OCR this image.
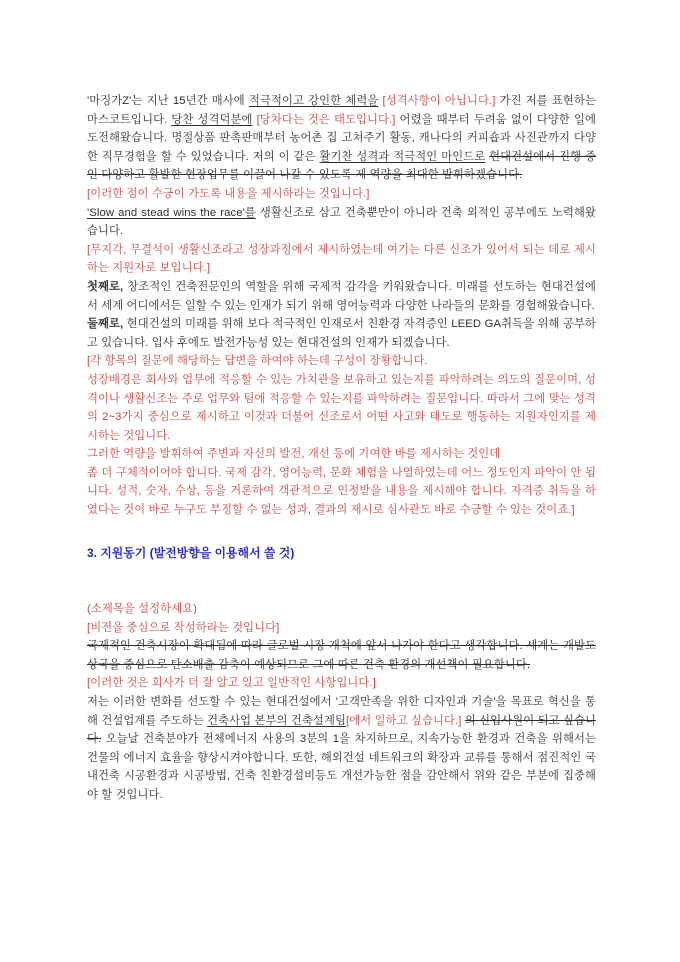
'마징가Z'는 지난 15년간 매사에 적극적이고 강인한 체력을 [성격사항이 아닙니다.] 가진 저를 표현하는 마스코트입니다. 당찬 성격덕분에 [당차다는 것은 태도입니다.] 어렸을 때부터 두려움 없이 다양한 일에 도전해왔습니다. 명절상품 판촉판매부터 농어촌 집 고쳐주기 활동, 캐나다의 커피숍과 사진관까지 다양한 직무경험을 할 수 있었습니다. 저의 이 같은 활기찬 성격과 적극적인 마인드로 현대건설에서 진행 중인 다양하고 활발한 현장업무를 이끌어 나갈 수 있도록 제 역량을 최대한 발휘하겠습니다.

[이러한 점이 수긍이 가도록 내용을 제시하라는 것입니다.]

'Slow and stead wins the race'를 생활신조로 삼고 건축뿐만이 아니라 건축 외적인 공부에도 노력해왔습니다.

[무지각, 무결석이 생활신조라고 성장과정에서 제시하였는데 여기는 다른 신조가 있어서 되는 데로 제시하는 지원자로 보입니다.]

첫째로, 창조적인 건축전문인의 역할을 위해 국제적 감각을 키워왔습니다. 미래를 선도하는 현대건설에서 세계 어디에서든 일할 수 있는 인재가 되기 위해 영어능력과 다양한 나라들의 문화를 경험해왔습니다.

둘째로, 현대건설의 미래를 위해 보다 적극적인 인재로서 친환경 자격증인 LEED GA취득을 위해 공부하고 있습니다. 입사 후에도 발전가능성 있는 현대건설의 인재가 되겠습니다.

[각 항목의 질문에 해당하는 답변을 하여야 하는데 구성이 장황합니다.

성장배경은 회사와 업무에 적응할 수 있는 가치관을 보유하고 있는지를 파악하려는 의도의 질문이며, 성격이나 생활신조는 주로 업무와 팀에 적응할 수 있는지를 파악하려는 질문입니다. 따라서 그에 맞는 성격의 2~3가지 중심으로 제시하고 이것과 더불어 신조로서 어떤 사고와 태도로 행동하는 지원자인지를 제시하는 것입니다.

그러한 역량을 발휘하여 주변과 자신의 발전, 개선 등에 기여한 바를 제시하는 것인데

좀 더 구체적이어야 합니다. 국제 감각, 영어능력, 문화 체험을 나열하였는데 어느 정도인지 파악이 안 됩니다. 성적, 숫자, 수상, 등을 거론하여 객관적으로 인정받을 내용을 제시해야 합니다. 자격증 취득을 하였다는 것이 바로 누구도 부정할 수 없는 성과, 결과의 제시로 심사관도 바로 수긍할 수 있는 것이죠.]

3. 지원동기 (발전방향을 이용해서 쓸 것)

(소제목을 설정하세요)

[비전을 중심으로 작성하라는 것입니다]

국제적인 건축시장이 확대됨에 따라 글로벌 시장 개척에 앞서 나가야 한다고 생각합니다. 세계는 개발도상국을 중심으로 탄소배출 감축이 예상되므로 그에 따른 건축 환경의 개선책이 필요합니다.

[이러한 것은 회사가 더 잘 알고 있고 일반적인 사항입니다.]

저는 이러한 변화를 선도할 수 있는 현대건설에서 '고객만족을 위한 디자인과 기술'을 목표로 혁신을 통해 건설업계를 주도하는 건축사업 본부의 건축설계팀[에서 일하고 싶습니다.] 의 신입사원이 되고 싶습니다. 오늘날 건축분야가 전체에너지 사용의 3분의 1을 차지하므로, 지속가능한 환경과 건축을 위해서는 건물의 에너지 효율을 향상시켜야합니다. 또한, 해외건설 네트워크의 확장과 교류를 통해서 점진적인 국내건축 시공환경과 시공방법, 건축 친환경설비등도 개선가능한 점을 감안해서 위와 같은 부분에 집중해야 할 것입니다.
